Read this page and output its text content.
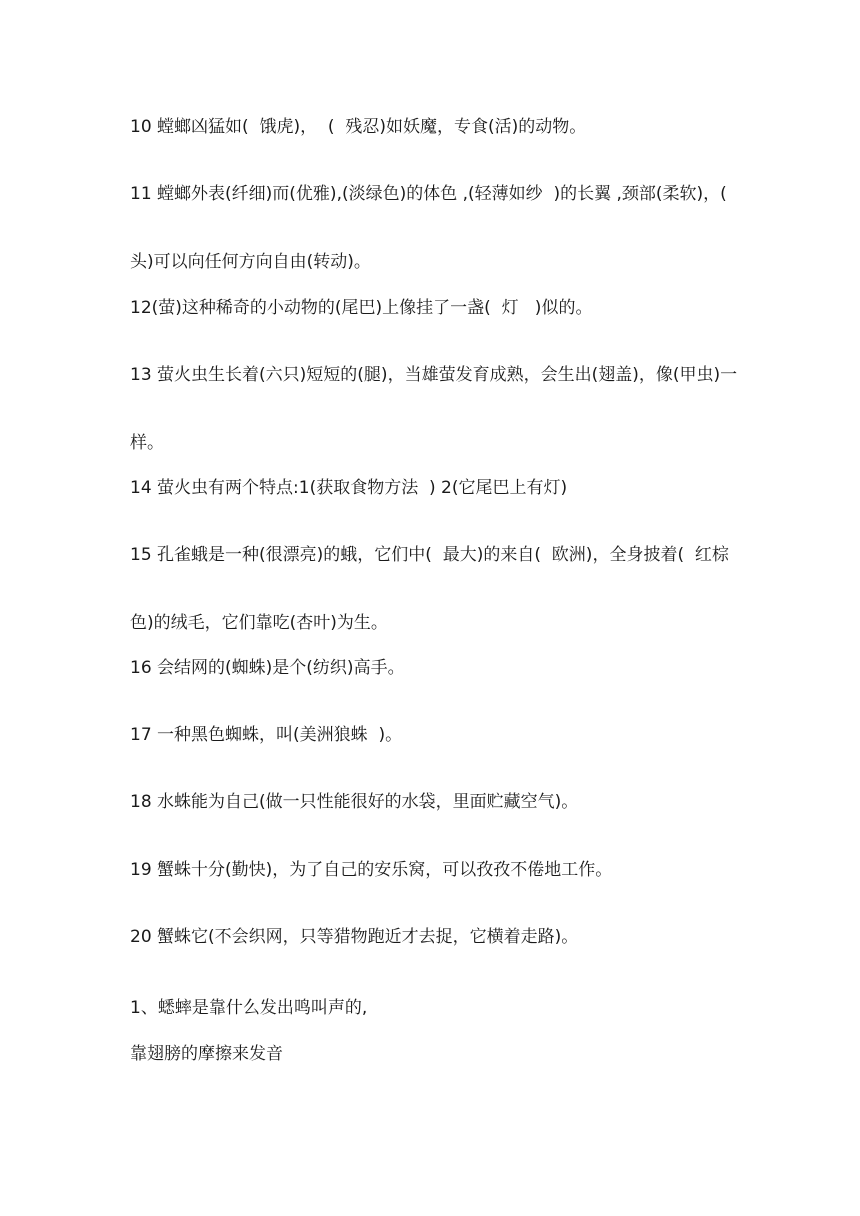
10 螳螂凶猛如(  饿虎)，  (  残忍)如妖魔，专食(活)的动物。

11 螳螂外表(纤细)而(优雅),(淡绿色)的体色 ,(轻薄如纱  )的长翼 ,颈部(柔软)，(  头)可以向任何方向自由(转动)。

12(萤)这种稀奇的小动物的(尾巴)上像挂了一盏(  灯   )似的。

13 萤火虫生长着(六只)短短的(腿)，当雄萤发育成熟，会生出(翅盖)，像(甲虫)一样。

14 萤火虫有两个特点:1(获取食物方法  ) 2(它尾巴上有灯)

15 孔雀蛾是一种(很漂亮)的蛾，它们中(  最大)的来自(  欧洲)，全身披着(  红棕色)的绒毛，它们靠吃(杏叶)为生。

16 会结网的(蜘蛛)是个(纺织)高手。

17 一种黑色蜘蛛，叫(美洲狼蛛  )。

18 水蛛能为自己(做一只性能很好的水袋，里面贮藏空气)。

19 蟹蛛十分(勤快)，为了自己的安乐窝，可以孜孜不倦地工作。

20 蟹蛛它(不会织网，只等猎物跑近才去捉，它横着走路)。

1、蟋蟀是靠什么发出鸣叫声的,

靠翅膀的摩擦来发音
